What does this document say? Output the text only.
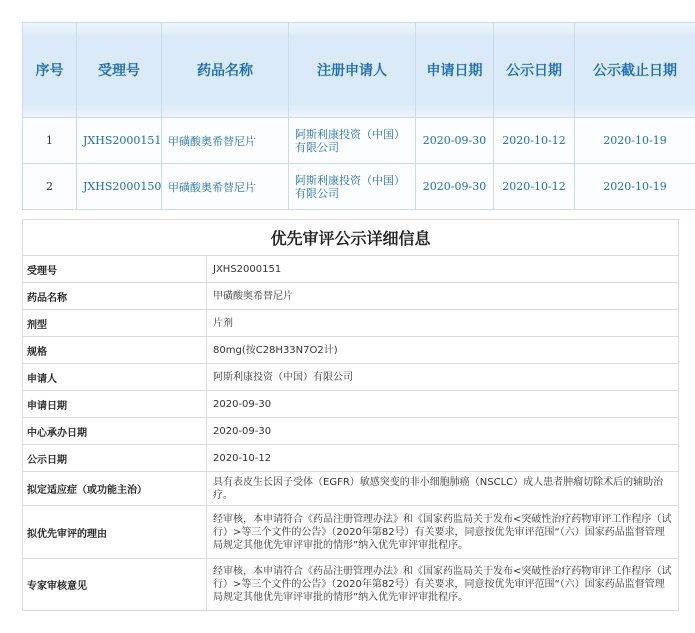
序号	受理号	药品名称	注册申请人	申请日期	公示日期	公示截止日期
1	JXHS2000151	甲磺酸奥希替尼片	阿斯利康投资（中国）有限公司	2020-09-30	2020-10-12	2020-10-19
2	JXHS2000150	甲磺酸奥希替尼片	阿斯利康投资（中国）有限公司	2020-09-30	2020-10-12	2020-10-19
优先审评公示详细信息	
受理号	JXHS2000151
药品名称	甲磺酸奥希替尼片
剂型	片剂
规格	80mg(按C28H33N7O2计)
申请人	阿斯利康投资（中国）有限公司
申请日期	2020-09-30
中心承办日期	2020-09-30
公示日期	2020-10-12
拟定适应症（或功能主治）	具有表皮生长因子受体（EGFR）敏感突变的非小细胞肺癌（NSCLC）成人患者肿瘤切除术后的辅助治疗。
拟优先审评的理由	经审核，本申请符合《药品注册管理办法》和《国家药监局关于发布<突破性治疗药物审评工作程序（试行）>等三个文件的公告》（2020年第82号）有关要求，同意按优先审评范围“（六）国家药品监督管理局规定其他优先审评审批的情形”纳入优先审评审批程序。
专家审核意见	经审核，本申请符合《药品注册管理办法》和《国家药监局关于发布<突破性治疗药物审评工作程序（试行）>等三个文件的公告》（2020年第82号）有关要求，同意按优先审评范围“（六）国家药品监督管理局规定其他优先审评审批的情形”纳入优先审评审批程序。
